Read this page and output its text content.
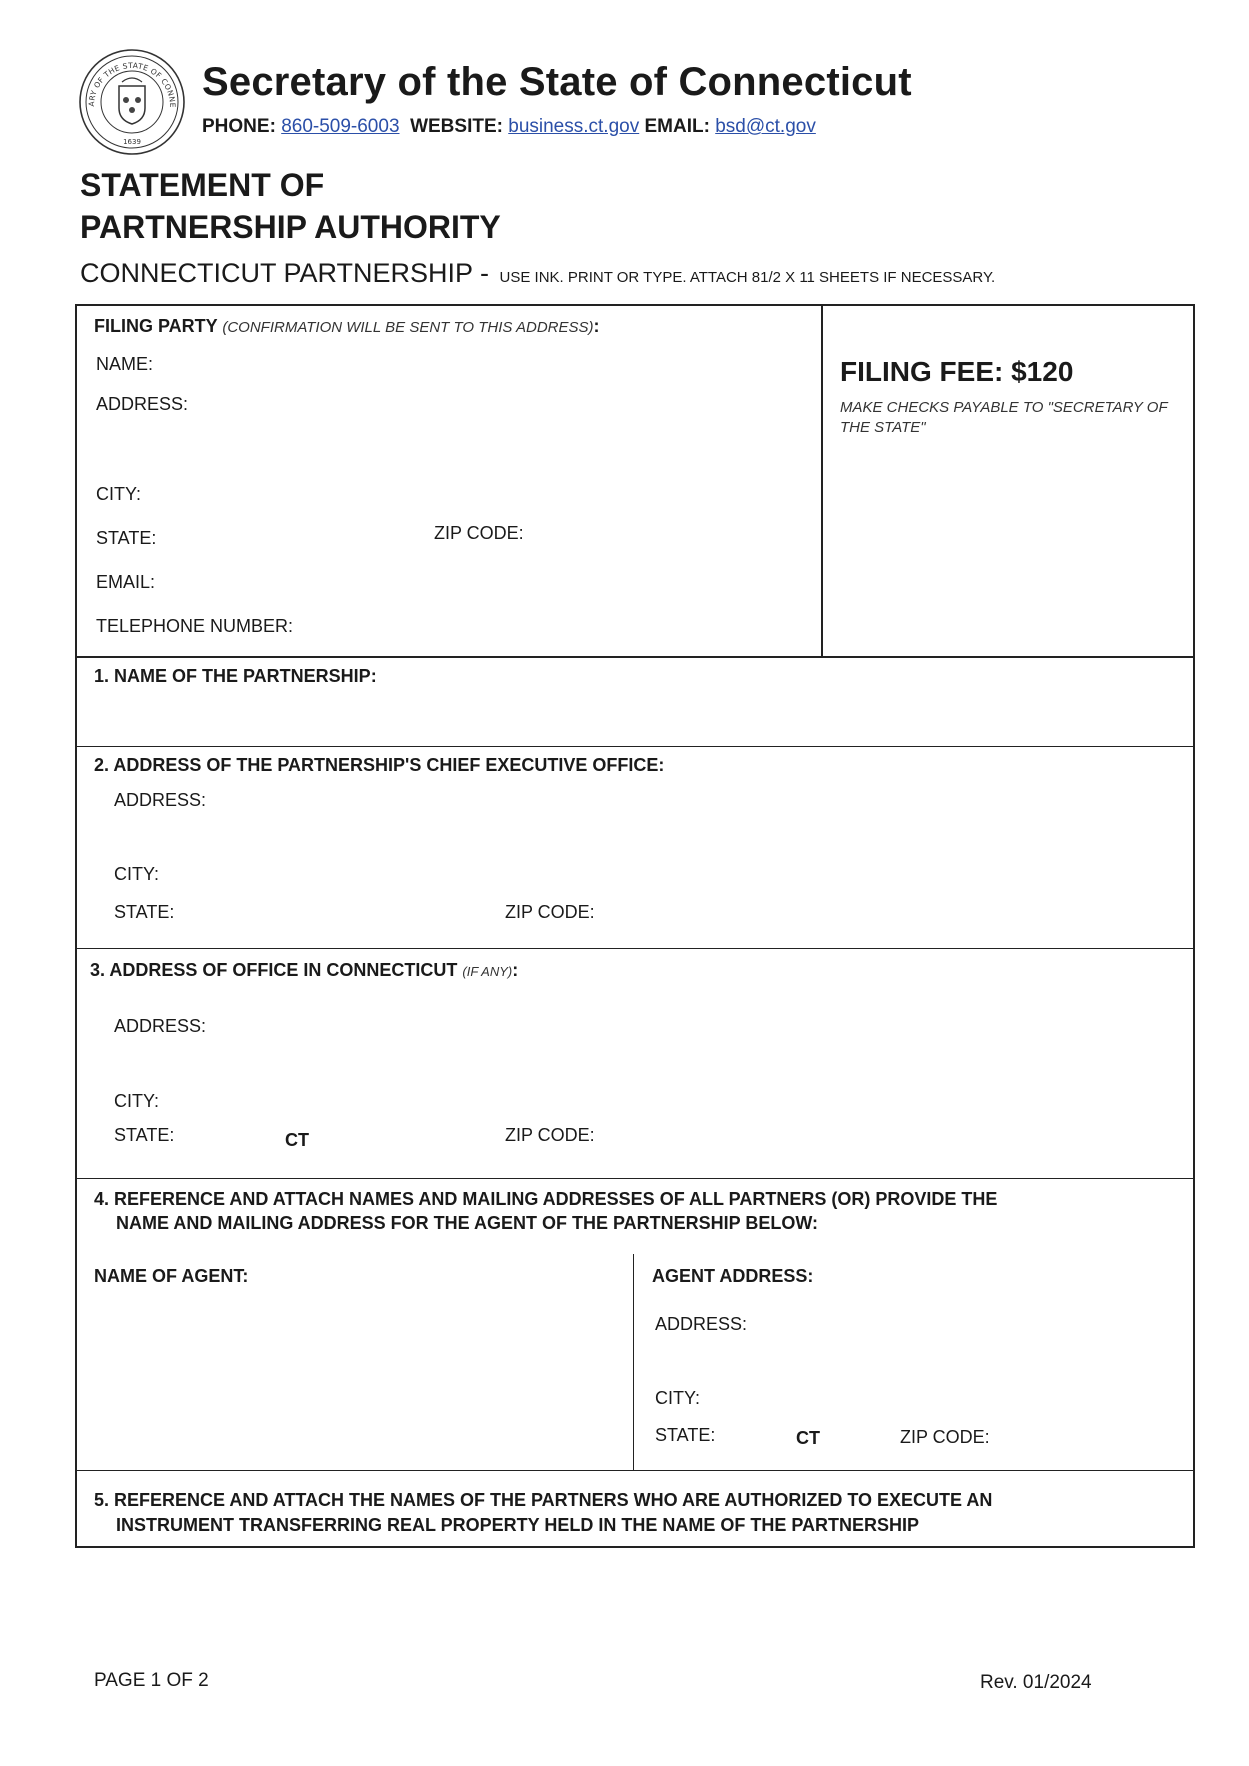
ARY OF THE STATE OF CONNE
1639
Secretary of the State of Connecticut
PHONE: 860-509-6003 WEBSITE: business.ct.gov EMAIL: bsd@ct.gov
STATEMENT OF
PARTNERSHIP AUTHORITY
CONNECTICUT PARTNERSHIP - USE INK. PRINT OR TYPE. ATTACH 81/2 X 11 SHEETS IF NECESSARY.
FILING PARTY (CONFIRMATION WILL BE SENT TO THIS ADDRESS):
NAME:
ADDRESS:
CITY:
STATE:	ZIP CODE:
EMAIL:
TELEPHONE NUMBER:
FILING FEE: $120
MAKE CHECKS PAYABLE TO "SECRETARY OF THE STATE"
1. NAME OF THE PARTNERSHIP:
2. ADDRESS OF THE PARTNERSHIP'S CHIEF EXECUTIVE OFFICE:
ADDRESS:
CITY:
STATE:	ZIP CODE:
3. ADDRESS OF OFFICE IN CONNECTICUT (IF ANY):
ADDRESS:
CITY:
STATE:	CT	ZIP CODE:
4. REFERENCE AND ATTACH NAMES AND MAILING ADDRESSES OF ALL PARTNERS (OR) PROVIDE THE
NAME AND MAILING ADDRESS FOR THE AGENT OF THE PARTNERSHIP BELOW:
NAME OF AGENT:	AGENT ADDRESS:
ADDRESS:
CITY:
STATE:	CT	ZIP CODE:
5. REFERENCE AND ATTACH THE NAMES OF THE PARTNERS WHO ARE AUTHORIZED TO EXECUTE AN
INSTRUMENT TRANSFERRING REAL PROPERTY HELD IN THE NAME OF THE PARTNERSHIP
PAGE 1 OF 2	Rev. 01/2024
